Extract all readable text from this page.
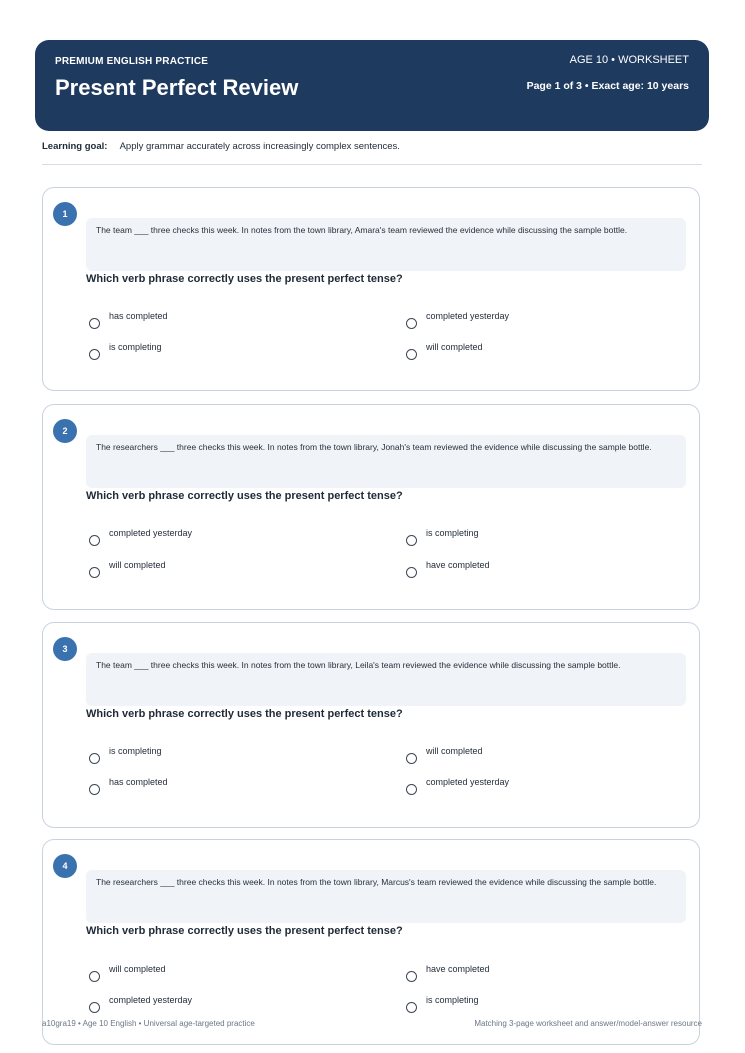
PREMIUM ENGLISH PRACTICE
Present Perfect Review
AGE 10 • WORKSHEET
Page 1 of 3 • Exact age: 10 years
Learning goal: Apply grammar accurately across increasingly complex sentences.
1
The team ___ three checks this week. In notes from the town library, Amara's team reviewed the evidence while discussing the sample bottle.
Which verb phrase correctly uses the present perfect tense?
has completed	completed yesterday
is completing	will completed
2
The researchers ___ three checks this week. In notes from the town library, Jonah's team reviewed the evidence while discussing the sample bottle.
Which verb phrase correctly uses the present perfect tense?
completed yesterday	is completing
will completed	have completed
3
The team ___ three checks this week. In notes from the town library, Leila's team reviewed the evidence while discussing the sample bottle.
Which verb phrase correctly uses the present perfect tense?
is completing	will completed
has completed	completed yesterday
4
The researchers ___ three checks this week. In notes from the town library, Marcus's team reviewed the evidence while discussing the sample bottle.
Which verb phrase correctly uses the present perfect tense?
will completed	have completed
completed yesterday	is completing
a10gra19 • Age 10 English • Universal age-targeted practice	Matching 3-page worksheet and answer/model-answer resource
